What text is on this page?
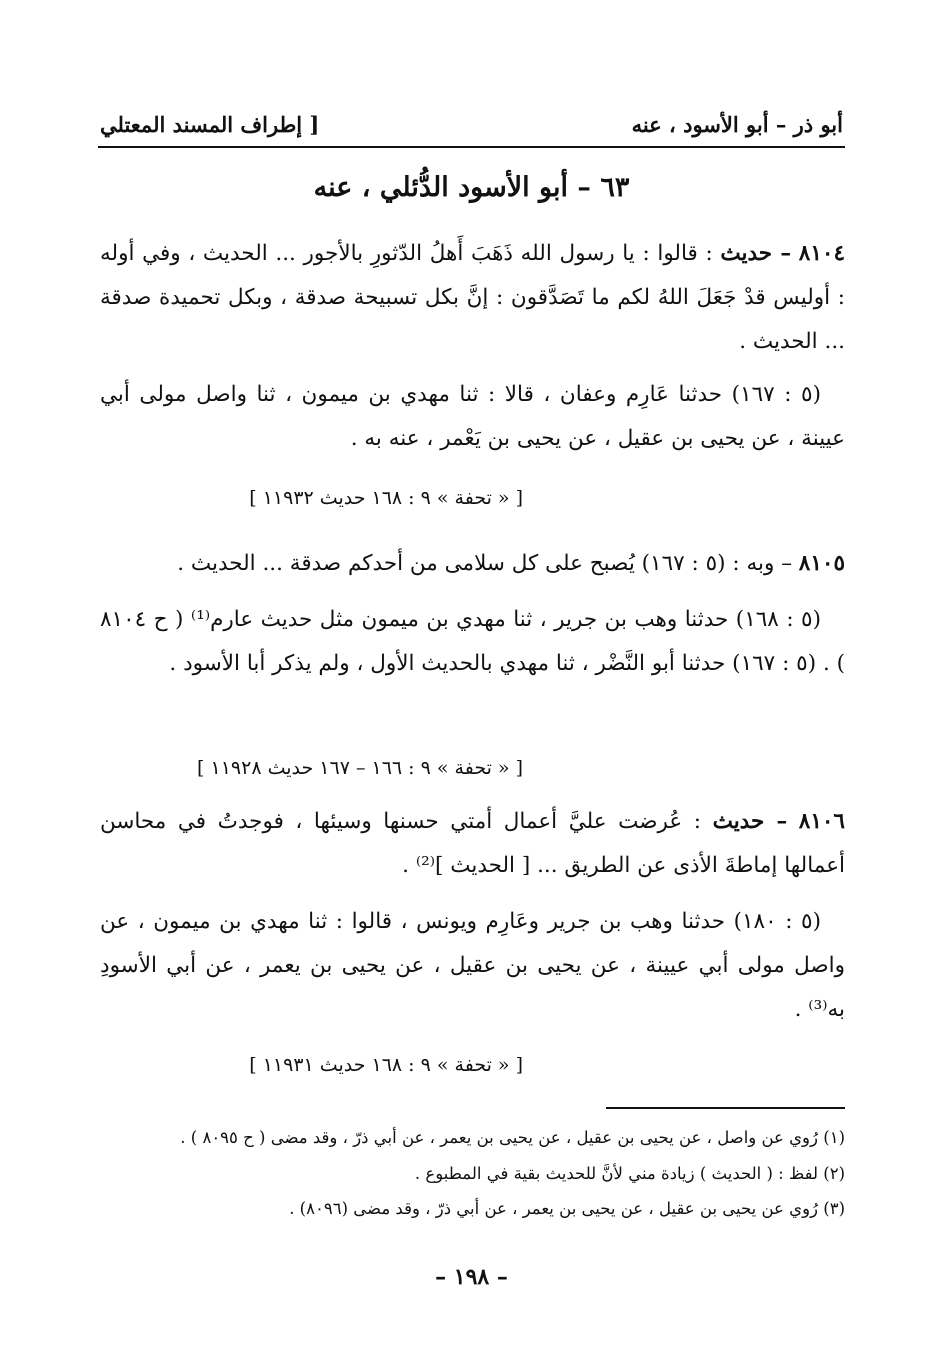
أبو ذر – أبو الأسود ، عنه
[ إطراف المسند المعتلي
٦٣ – أبو الأسود الدُّئلي ، عنه
٨١٠٤ – حديث : قالوا : يا رسول الله ذَهَبَ أَهلُ الدّثورِ بالأجور ... الحديث ، وفي أوله : أوليس قدْ جَعَلَ اللهُ لكم ما تَصَدَّقون : إنَّ بكل تسبيحة صدقة ، وبكل تحميدة صدقة ... الحديث .
(٥ : ١٦٧) حدثنا عَارِم وعفان ، قالا : ثنا مهدي بن ميمون ، ثنا واصل مولى أبي عيينة ، عن يحيى بن عقيل ، عن يحيى بن يَعْمر ، عنه به .
[ « تحفة » ٩ : ١٦٨ حديث ١١٩٣٢ ]
٨١٠٥ – وبه : (٥ : ١٦٧) يُصبح على كل سلامى من أحدكم صدقة ... الحديث .
(٥ : ١٦٨) حدثنا وهب بن جرير ، ثنا مهدي بن ميمون مثل حديث عارم⁽¹⁾ ( ح ٨١٠٤ ) . (٥ : ١٦٧) حدثنا أبو النَّضْر ، ثنا مهدي بالحديث الأول ، ولم يذكر أبا الأسود .
[ « تحفة » ٩ : ١٦٦ – ١٦٧ حديث ١١٩٢٨ ]
٨١٠٦ – حديث : عُرضت عليَّ أعمال أمتي حسنها وسيئها ، فوجدتُ في محاسن أعمالها إماطةَ الأذى عن الطريق ... [ الحديث ]⁽²⁾ .
(٥ : ١٨٠) حدثنا وهب بن جرير وعَارِم ويونس ، قالوا : ثنا مهدي بن ميمون ، عن واصل مولى أبي عيينة ، عن يحيى بن عقيل ، عن يحيى بن يعمر ، عن أبي الأسودِ به⁽³⁾ .
[ « تحفة » ٩ : ١٦٨ حديث ١١٩٣١ ]
(١) رُوي عن واصل ، عن يحيى بن عقيل ، عن يحيى بن يعمر ، عن أبي ذرّ ، وقد مضى ( ح ٨٠٩٥ ) .
(٢) لفظ : ( الحديث ) زيادة مني لأنَّ للحديث بقية في المطبوع .
(٣) رُوي عن يحيى بن عقيل ، عن يحيى بن يعمر ، عن أبي ذرّ ، وقد مضى (٨٠٩٦) .
– ١٩٨ –
